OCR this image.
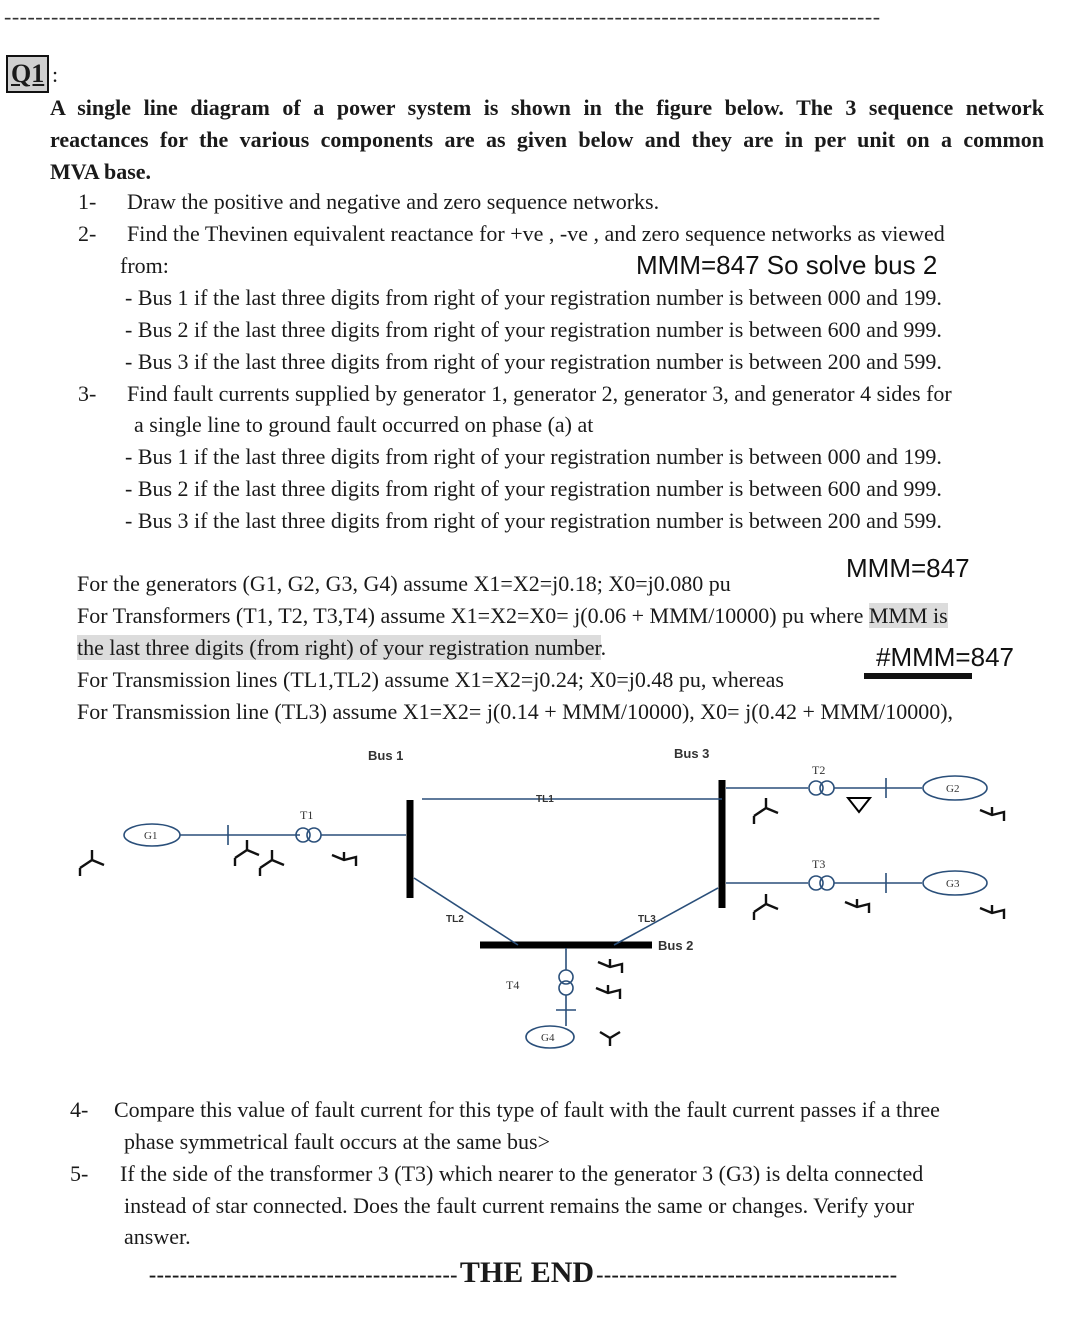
----------------------------------------------------------------------------------------------------------------
Q1 :
A single line diagram of a power system is shown in the figure below. The 3 sequence network
reactances for the various components are as given below and they are in per unit on a common
MVA base.
1- Draw the positive and negative and zero sequence networks.
2- Find the Thevinen equivalent reactance for +ve , -ve , and zero sequence networks as viewed
from:	MMM=847 So solve bus 2
- Bus 1 if the last three digits from right of your registration number is between 000 and 199.
- Bus 2 if the last three digits from right of your registration number is between 600 and 999.
- Bus 3 if the last three digits from right of your registration number is between 200 and 599.
3- Find fault currents supplied by generator 1, generator 2, generator 3, and generator 4 sides for
a single line to ground fault occurred on phase (a) at
- Bus 1 if the last three digits from right of your registration number is between 000 and 199.
- Bus 2 if the last three digits from right of your registration number is between 600 and 999.
- Bus 3 if the last three digits from right of your registration number is between 200 and 599.
MMM=847
For the generators (G1, G2, G3, G4) assume X1=X2=j0.18; X0=j0.080 pu
For Transformers (T1, T2, T3,T4) assume X1=X2=X0= j(0.06 + MMM/10000) pu where MMM is
the last three digits (from right) of your registration number.	#MMM=847
For Transmission lines (TL1,TL2) assume X1=X2=j0.24; X0=j0.48 pu, whereas
For Transmission line (TL3) assume X1=X2= j(0.14 + MMM/10000), X0= j(0.42 + MMM/10000),
Bus 1	Bus 3
Bus 2
TL1
TL2	TL3
T1
T2
T3
T4
G1
G2
G3
G4
4- Compare this value of fault current for this type of fault with the fault current passes if a three
phase symmetrical fault occurs at the same bus>
5- If the side of the transformer 3 (T3) which nearer to the generator 3 (G3) is delta connected
instead of star connected. Does the fault current remains the same or changes. Verify your
answer.
---------------------------------------- THE END ---------------------------------------
